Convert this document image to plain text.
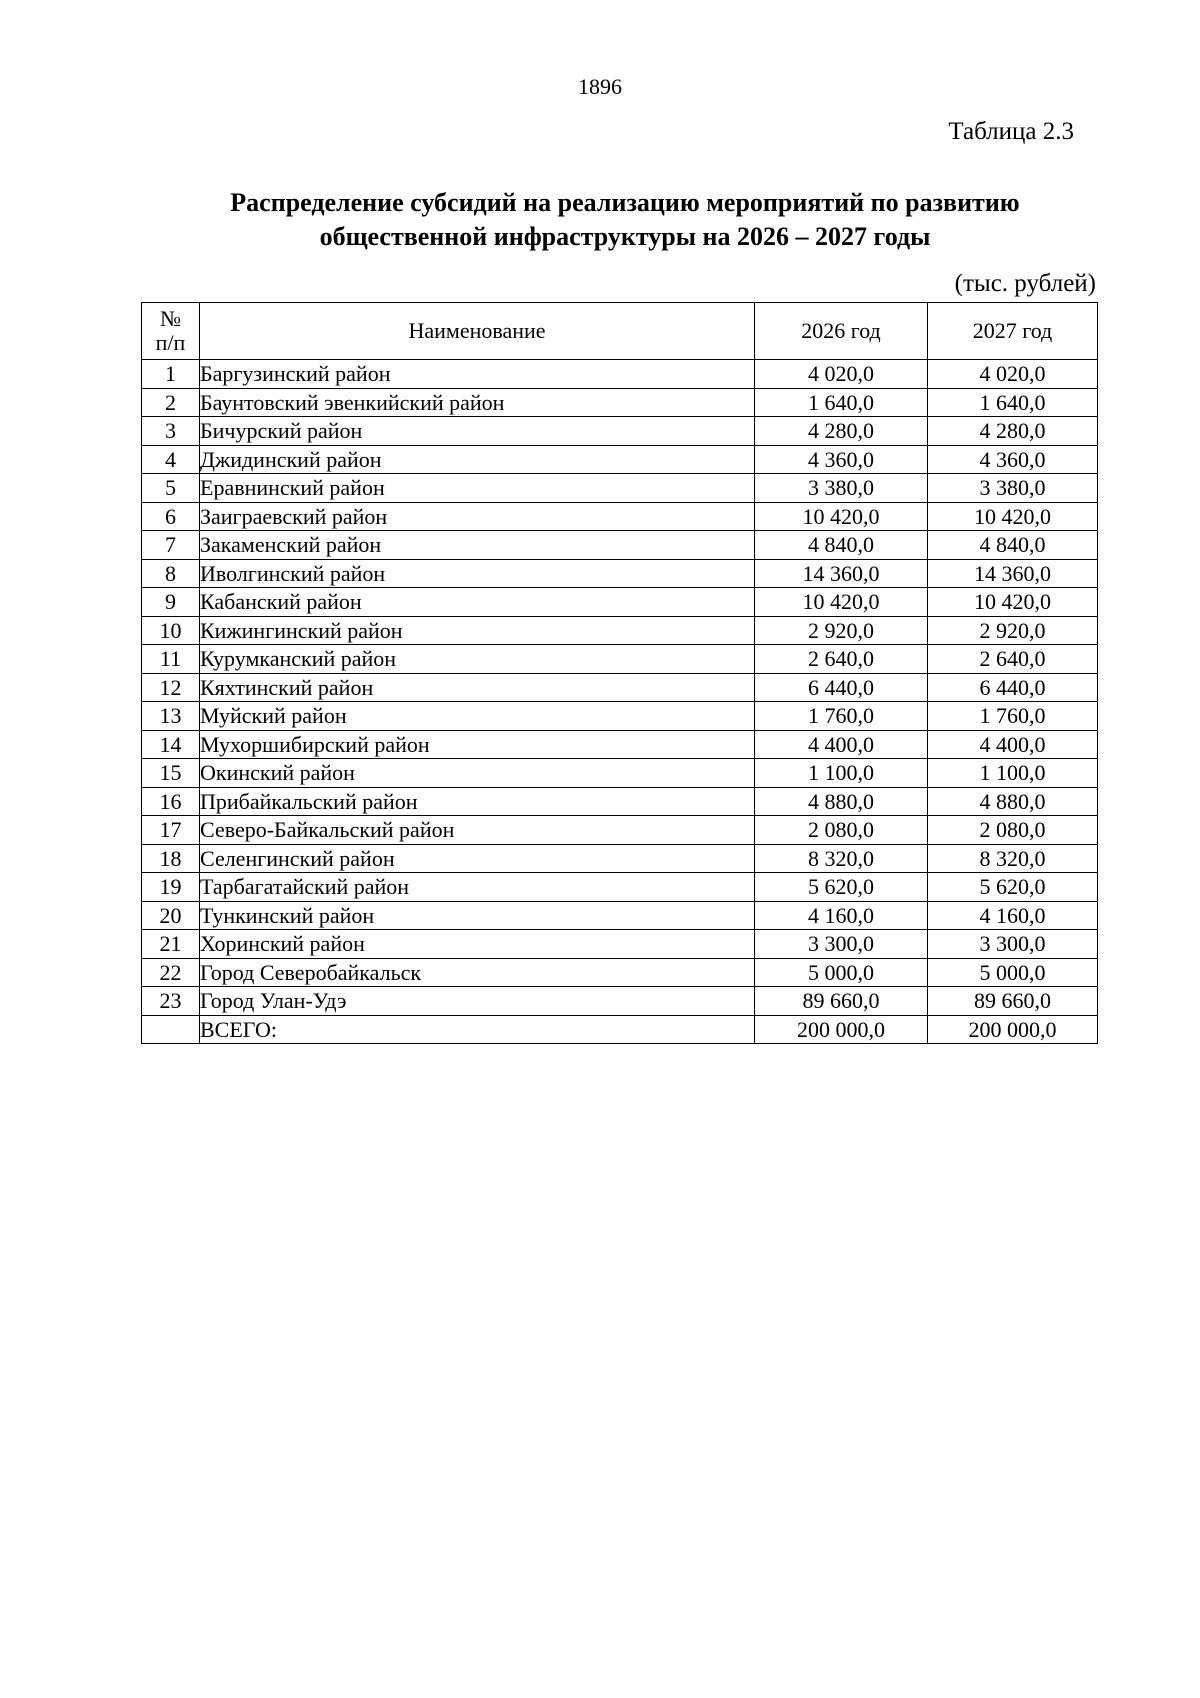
1896
Таблица 2.3
Распределение субсидий на реализацию мероприятий по развитию
общественной инфраструктуры на 2026 – 2027 годы
(тыс. рублей)
№
п/п	Наименование	2026 год	2027 год
1	Баргузинский район	4 020,0	4 020,0
2	Баунтовский эвенкийский район	1 640,0	1 640,0
3	Бичурский район	4 280,0	4 280,0
4	Джидинский район	4 360,0	4 360,0
5	Еравнинский район	3 380,0	3 380,0
6	Заиграевский район	10 420,0	10 420,0
7	Закаменский район	4 840,0	4 840,0
8	Иволгинский район	14 360,0	14 360,0
9	Кабанский район	10 420,0	10 420,0
10	Кижингинский район	2 920,0	2 920,0
11	Курумканский район	2 640,0	2 640,0
12	Кяхтинский район	6 440,0	6 440,0
13	Муйский район	1 760,0	1 760,0
14	Мухоршибирский район	4 400,0	4 400,0
15	Окинский район	1 100,0	1 100,0
16	Прибайкальский район	4 880,0	4 880,0
17	Северо-Байкальский район	2 080,0	2 080,0
18	Селенгинский район	8 320,0	8 320,0
19	Тарбагатайский район	5 620,0	5 620,0
20	Тункинский район	4 160,0	4 160,0
21	Хоринский район	3 300,0	3 300,0
22	Город Северобайкальск	5 000,0	5 000,0
23	Город Улан-Удэ	89 660,0	89 660,0
	ВСЕГО:	200 000,0	200 000,0
